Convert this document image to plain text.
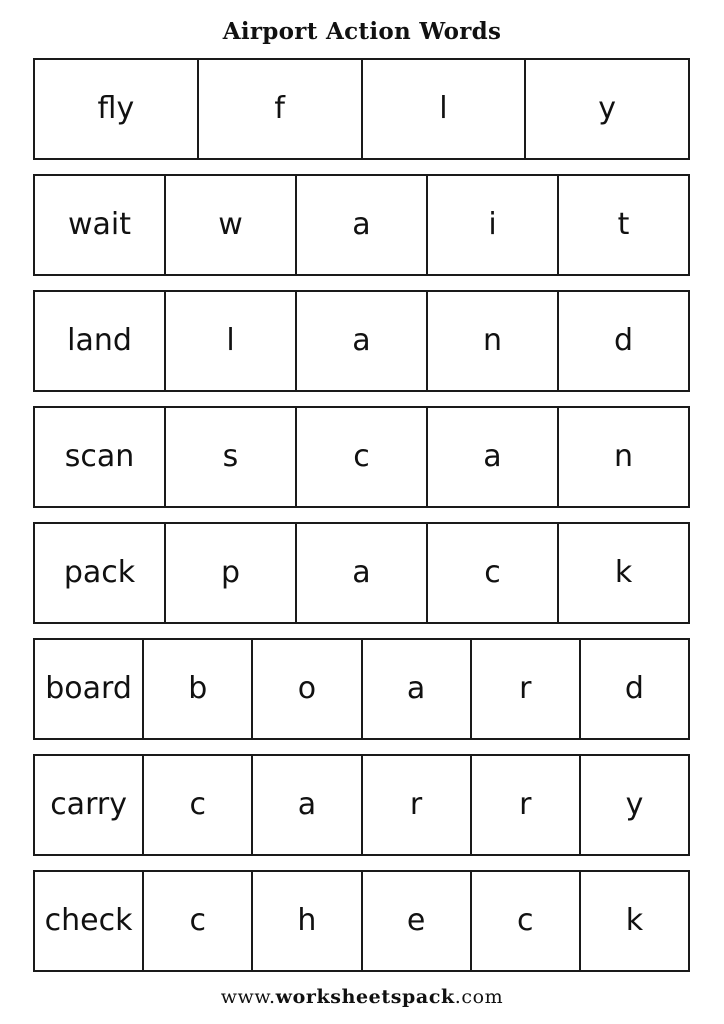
Airport Action Words
fly	f	l	y
wait	w	a	i	t
land	l	a	n	d
scan	s	c	a	n
pack	p	a	c	k
board	b	o	a	r	d
carry	c	a	r	r	y
check	c	h	e	c	k
www.worksheetspack.com
